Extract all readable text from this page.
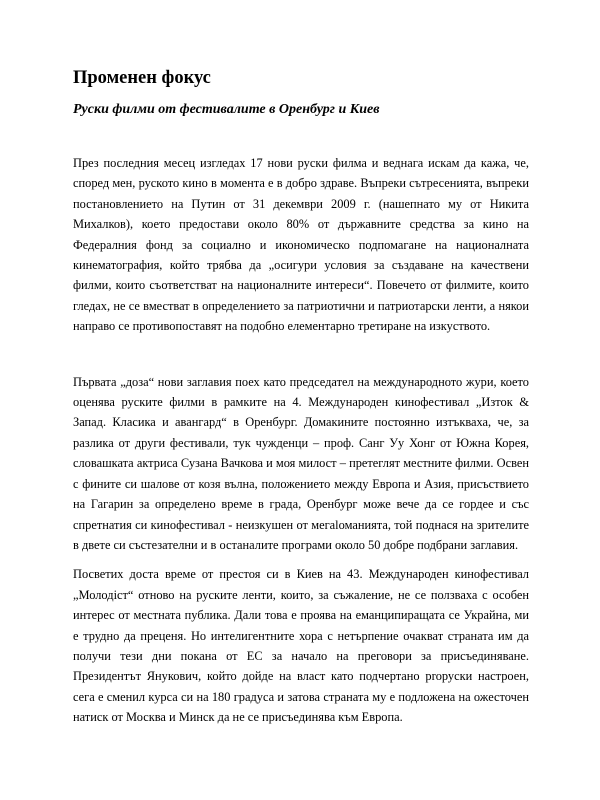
Променен фокус
Руски филми от фестивалите в Оренбург и Киев

През последния месец изгледах 17 нови руски филма и веднага искам да кажа, че, според мен, руското кино в момента е в добро здраве. Въпреки сътресенията, въпреки постановлението на Путин от 31 декември 2009 г. (нашепнато му от Никита Михалков), което предостави около 80% от държавните средства за кино на Федералния фонд за социално и икономическо подпомагане на националната кинематография, който трябва да „осигури условия за създаване на качествени филми, които съответстват на националните интереси“. Повечето от филмите, които гледах, не се вместват в определението за патриотични и патриотарски ленти, а някои направо се противопоставят на подобно елементарно третиране на изкуството.

Първата „доза“ нови заглавия поех като председател на международното жури, което оценява руските филми в рамките на 4. Международен кинофестивал „Изток & Запад. Класика и авангард“ в Оренбург. Домакините постоянно изтъкваха, че, за разлика от други фестивали, тук чужденци – проф. Санг Уу Хонг от Южна Корея, словашката актриса Сузана Вачкова и моя милост – претеглят местните филми. Освен с фините си шалове от козя вълна, положението между Европа и Азия, присъствието на Гагарин за определено време в града, Оренбург може вече да се гордее и със спретнатия си кинофестивал - неизкушен от мегalоманията, той поднася на зрителите в двете си състезателни и в останалите програми около 50 добре подбрани заглавия.

Посветих доста време от престоя си в Киев на 43. Международен кинофестивал „Молодіст“ отново на руските ленти, които, за съжаление, не се ползваха с особен интерес от местната публика. Дали това е проява на еманципиращата се Украйна, ми е трудно да преценя. Но интелигентните хора с нетърпение очакват страната им да получи тези дни покана от ЕС за начало на преговори за присъединяване. Президентът Янукович, който дойде на власт като подчертано proруски настроен, сега е сменил курса си на 180 градуса и затова страната му е подложена на ожесточен натиск от Москва и Минск да не се присъединява към Европа.
